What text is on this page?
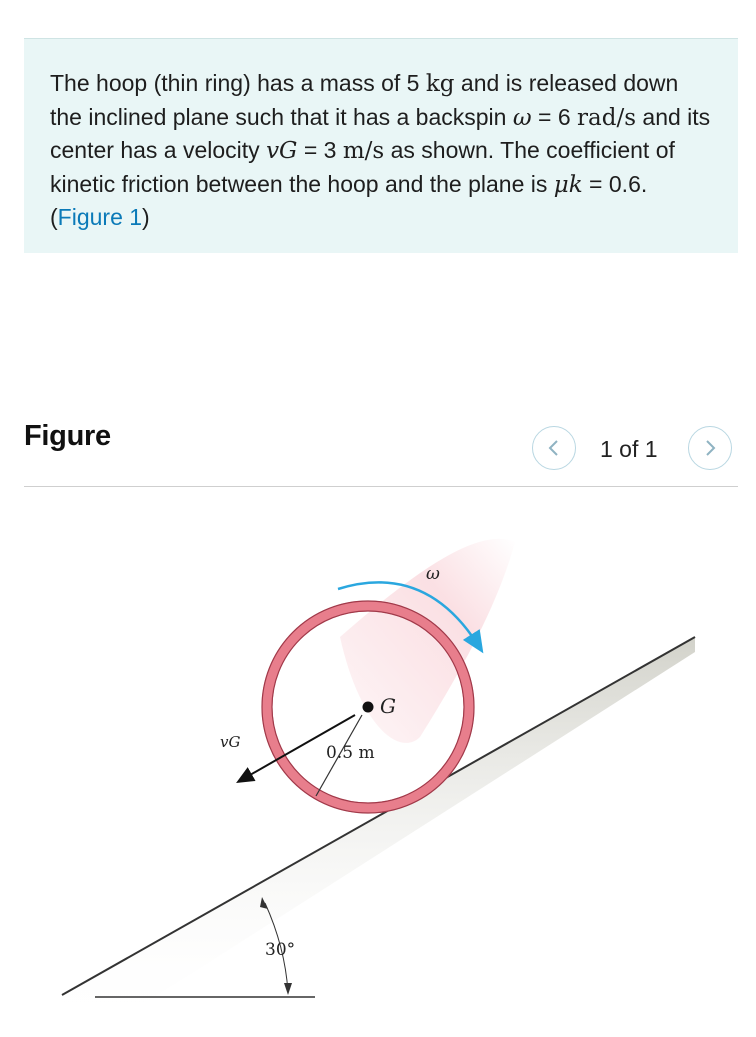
The hoop (thin ring) has a mass of 5 kg and is released down the inclined plane such that it has a backspin ω = 6 rad/s and its center has a velocity vG = 3 m/s as shown. The coefficient of kinetic friction between the hoop and the plane is μk = 0.6. (Figure 1)

Figure	1 of 1
30°
ω
G
0.5 m
vG
